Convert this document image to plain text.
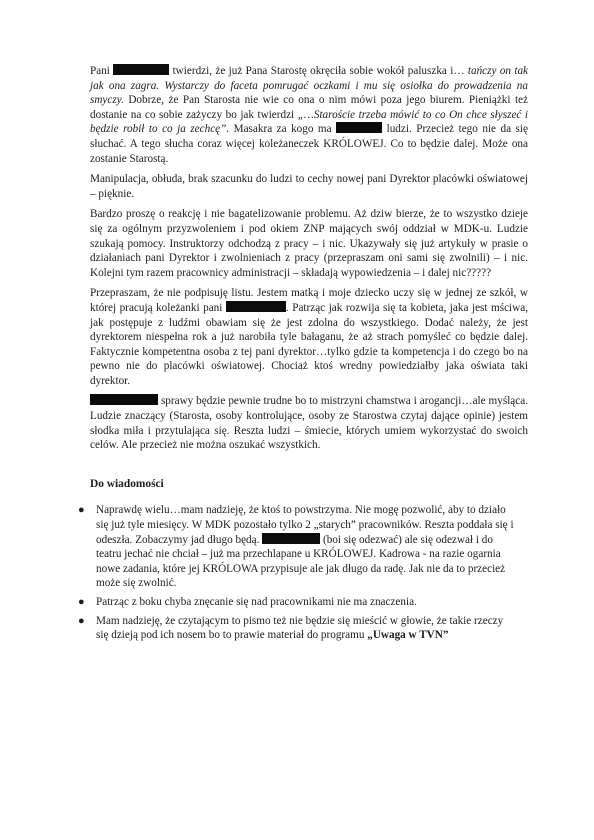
Pani	twierdzi, że już Pana Starostę okręciła sobie wokół paluszka i… tańczy on tak jak ona zagra. Wystarczy do faceta pomrugać oczkami i mu się osiołka do prowadzenia na smyczy. Dobrze, że Pan Starosta nie wie co ona o nim mówi poza jego biurem. Pieniążki też dostanie na co sobie zażyczy bo jak twierdzi „…Staroście trzeba mówić to co On chce słyszeć i będzie robił to co ja zechcę”. Masakra za kogo ma	ludzi. Przecież tego nie da się słuchać. A tego słucha coraz więcej koleżaneczek KRÓLOWEJ. Co to będzie dalej. Może ona zostanie Starostą.

Manipulacja, obłuda, brak szacunku do ludzi to cechy nowej pani Dyrektor placówki oświatowej – pięknie.

Bardzo proszę o reakcję i nie bagatelizowanie problemu. Aż dziw bierze, że to wszystko dzieje się za ogólnym przyzwoleniem i pod okiem ZNP mających swój oddział w MDK-u. Ludzie szukają pomocy. Instruktorzy odchodzą z pracy – i nic. Ukazywały się już artykuły w prasie o działaniach pani Dyrektor i zwolnieniach z pracy (przepraszam oni sami się zwolnili) – i nic. Kolejni tym razem pracownicy administracji – składają wypowiedzenia – i dalej nic?????

Przepraszam, że nie podpisuję listu. Jestem matką i moje dziecko uczy się w jednej ze szkół, w której pracują koleżanki pani	. Patrząc jak rozwija się ta kobieta, jaka jest mściwa, jak postępuje z ludźmi obawiam się że jest zdolna do wszystkiego. Dodać należy, że jest dyrektorem niespełna rok a już narobiła tyle bałaganu, że aż strach pomyśleć co będzie dalej. Faktycznie kompetentna osoba z tej pani dyrektor…tylko gdzie ta kompetencja i do czego bo na pewno nie do placówki oświatowej. Chociaż ktoś wredny powiedziałby jaka oświata taki dyrektor.

sprawy będzie pewnie trudne bo to mistrzyni chamstwa i arogancji…ale myśląca. Ludzie znaczący (Starosta, osoby kontrolujące, osoby ze Starostwa czytaj dające opinie) jestem słodka miła i przytulająca się. Reszta ludzi – śmiecie, których umiem wykorzystać do swoich celów. Ale przecież nie można oszukać wszystkich.

Do wiadomości
● Naprawdę wielu…mam nadzieję, że ktoś to powstrzyma. Nie mogę pozwolić, aby to działo się już tyle miesięcy. W MDK pozostało tylko 2 „starych” pracowników. Reszta poddała się i odeszła. Zobaczymy jad długo będą.	(boi się odezwać) ale się odezwał i do teatru jechać nie chciał – już ma przechlapane u KRÓLOWEJ. Kadrowa - na razie ogarnia nowe zadania, które jej KRÓLOWA przypisuje ale jak długo da radę. Jak nie da to przecież może się zwolnić.
● Patrząc z boku chyba znęcanie się nad pracownikami nie ma znaczenia.
● Mam nadzieję, że czytającym to pismo też nie będzie się mieścić w głowie, że takie rzeczy się dzieją pod ich nosem bo to prawie materiał do programu „Uwaga w TVN”
